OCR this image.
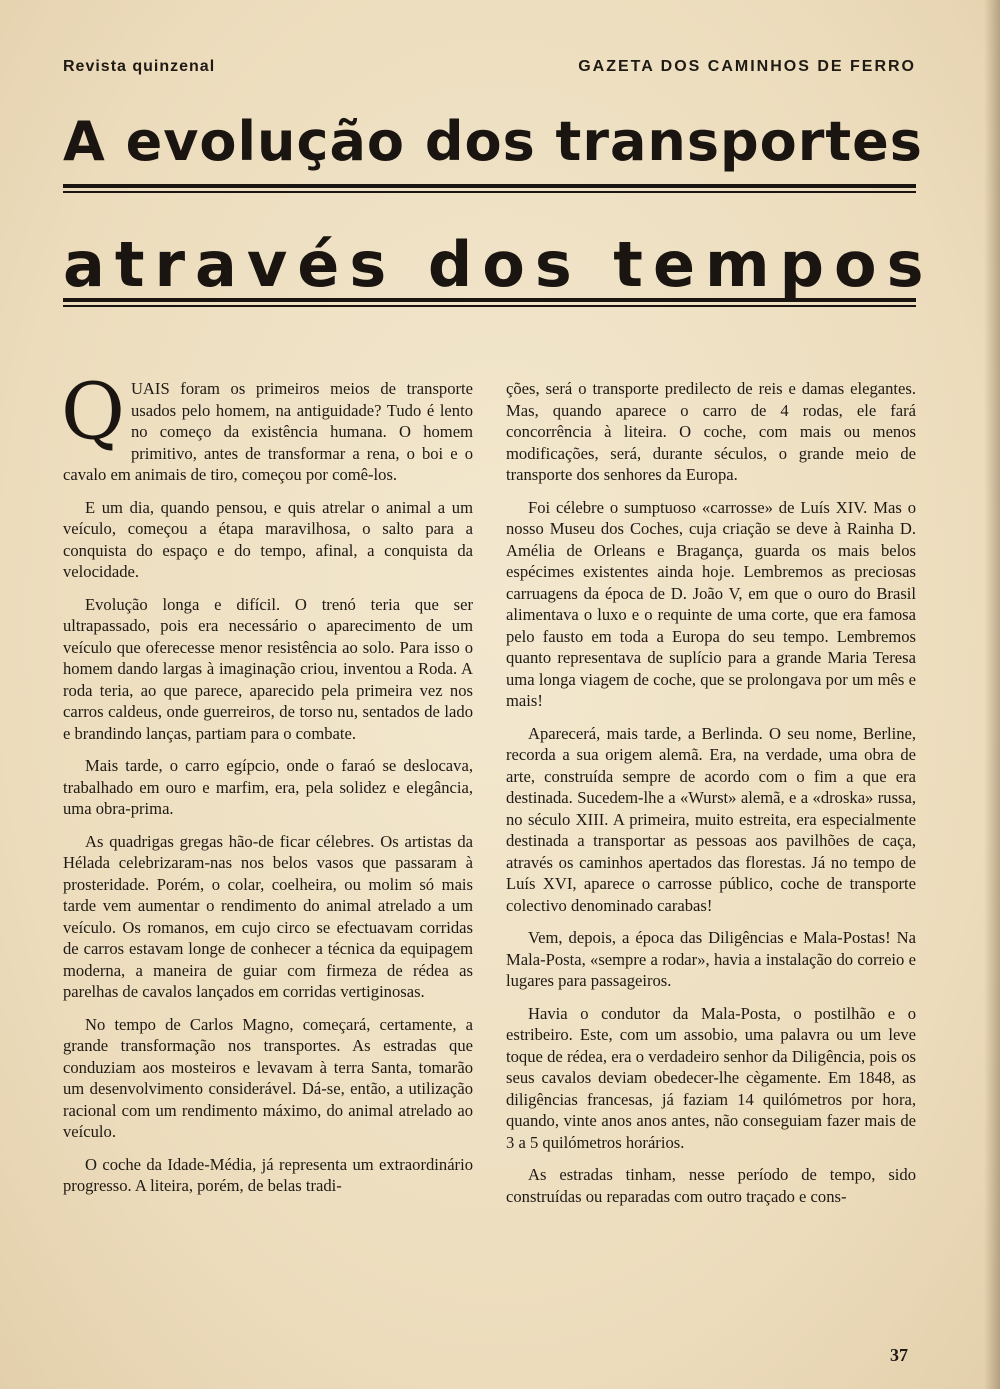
Revista quinzenal	GAZETA DOS CAMINHOS DE FERRO
A evolução dos transportes
através dos tempos

QUAIS foram os primeiros meios de transporte usados pelo homem, na antiguidade? Tudo é lento no começo da existência humana. O homem primitivo, antes de transformar a rena, o boi e o cavalo em animais de tiro, começou por comê-los.

E um dia, quando pensou, e quis atrelar o animal a um veículo, começou a étapa maravilhosa, o salto para a conquista do espaço e do tempo, afinal, a conquista da velocidade.

Evolução longa e difícil. O trenó teria que ser ultrapassado, pois era necessário o aparecimento de um veículo que oferecesse menor resistência ao solo. Para isso o homem dando largas à imaginação criou, inventou a Roda. A roda teria, ao que parece, aparecido pela primeira vez nos carros caldeus, onde guerreiros, de torso nu, sentados de lado e brandindo lanças, partiam para o combate.

Mais tarde, o carro egípcio, onde o faraó se deslocava, trabalhado em ouro e marfim, era, pela solidez e elegância, uma obra-prima.

As quadrigas gregas hão-de ficar célebres. Os artistas da Hélada celebrizaram-nas nos belos vasos que passaram à prosteridade. Porém, o colar, coelheira, ou molim só mais tarde vem aumentar o rendimento do animal atrelado a um veículo. Os romanos, em cujo circo se efectuavam corridas de carros estavam longe de conhecer a técnica da equipagem moderna, a maneira de guiar com firmeza de rédea as parelhas de cavalos lançados em corridas vertiginosas.

No tempo de Carlos Magno, começará, certamente, a grande transformação nos transportes. As estradas que conduziam aos mosteiros e levavam à terra Santa, tomarão um desenvolvimento considerável. Dá-se, então, a utilização racional com um rendimento máximo, do animal atrelado ao veículo.

O coche da Idade-Média, já representa um extraordinário progresso. A liteira, porém, de belas tradi-

ções, será o transporte predilecto de reis e damas elegantes. Mas, quando aparece o carro de 4 rodas, ele fará concorrência à liteira. O coche, com mais ou menos modificações, será, durante séculos, o grande meio de transporte dos senhores da Europa.

Foi célebre o sumptuoso «carrosse» de Luís XIV. Mas o nosso Museu dos Coches, cuja criação se deve à Rainha D. Amélia de Orleans e Bragança, guarda os mais belos espécimes existentes ainda hoje. Lembremos as preciosas carruagens da época de D. João V, em que o ouro do Brasil alimentava o luxo e o requinte de uma corte, que era famosa pelo fausto em toda a Europa do seu tempo. Lembremos quanto representava de suplício para a grande Maria Teresa uma longa viagem de coche, que se prolongava por um mês e mais!

Aparecerá, mais tarde, a Berlinda. O seu nome, Berline, recorda a sua origem alemã. Era, na verdade, uma obra de arte, construída sempre de acordo com o fim a que era destinada. Sucedem-lhe a «Wurst» alemã, e a «droska» russa, no século XIII. A primeira, muito estreita, era especialmente destinada a transportar as pessoas aos pavilhões de caça, através os caminhos apertados das florestas. Já no tempo de Luís XVI, aparece o carrosse público, coche de transporte colectivo denominado carabas!

Vem, depois, a época das Diligências e Mala-Postas! Na Mala-Posta, «sempre a rodar», havia a instalação do correio e lugares para passageiros.

Havia o condutor da Mala-Posta, o postilhão e o estribeiro. Este, com um assobio, uma palavra ou um leve toque de rédea, era o verdadeiro senhor da Diligência, pois os seus cavalos deviam obedecer-lhe cègamente. Em 1848, as diligências francesas, já faziam 14 quilómetros por hora, quando, vinte anos anos antes, não conseguiam fazer mais de 3 a 5 quilómetros horários.

As estradas tinham, nesse período de tempo, sido construídas ou reparadas com outro traçado e cons-

37
